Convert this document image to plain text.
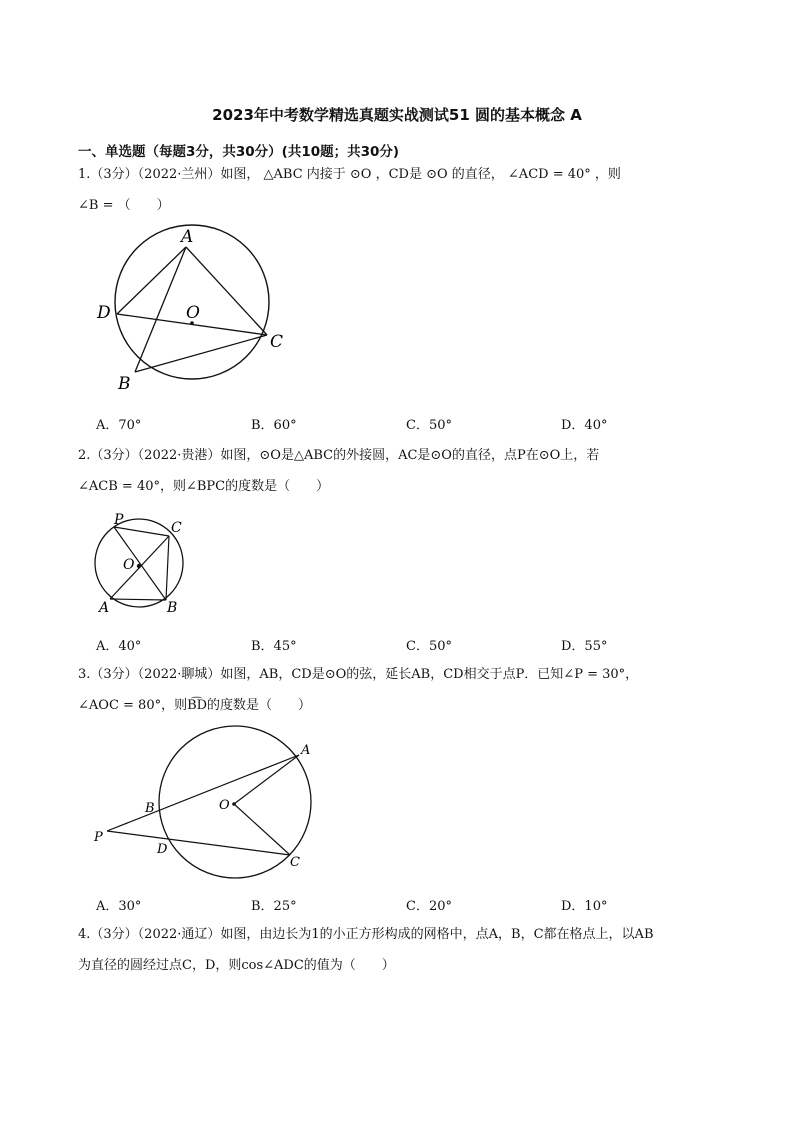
2023年中考数学精选真题实战测试51 圆的基本概念 A
一、单选题（每题3分，共30分）(共10题；共30分)
1.（3分）（2022·兰州）如图， △ABC 内接于 ⊙O ，CD是 ⊙O 的直径， ∠ACD = 40° ，则
∠B = （　　）
A
D	O
C
B
A．70°	B．60°	C．50°	D．40°
2.（3分）（2022·贵港）如图，⊙O是△ABC的外接圆，AC是⊙O的直径，点P在⊙O上，若
∠ACB = 40°，则∠BPC的度数是（　　）
P	C
O
A	B
A．40°	B．45°	C．50°	D．55°
3.（3分）（2022·聊城）如图，AB，CD是⊙O的弦，延长AB，CD相交于点P．已知∠P = 30°，
∠AOC = 80°，则B͡D的度数是（　　）
A
B	O
P
D
C
A．30°	B．25°	C．20°	D．10°
4.（3分）（2022·通辽）如图，由边长为1的小正方形构成的网格中，点A，B，C都在格点上，以AB
为直径的圆经过点C，D，则cos∠ADC的值为（　　）
